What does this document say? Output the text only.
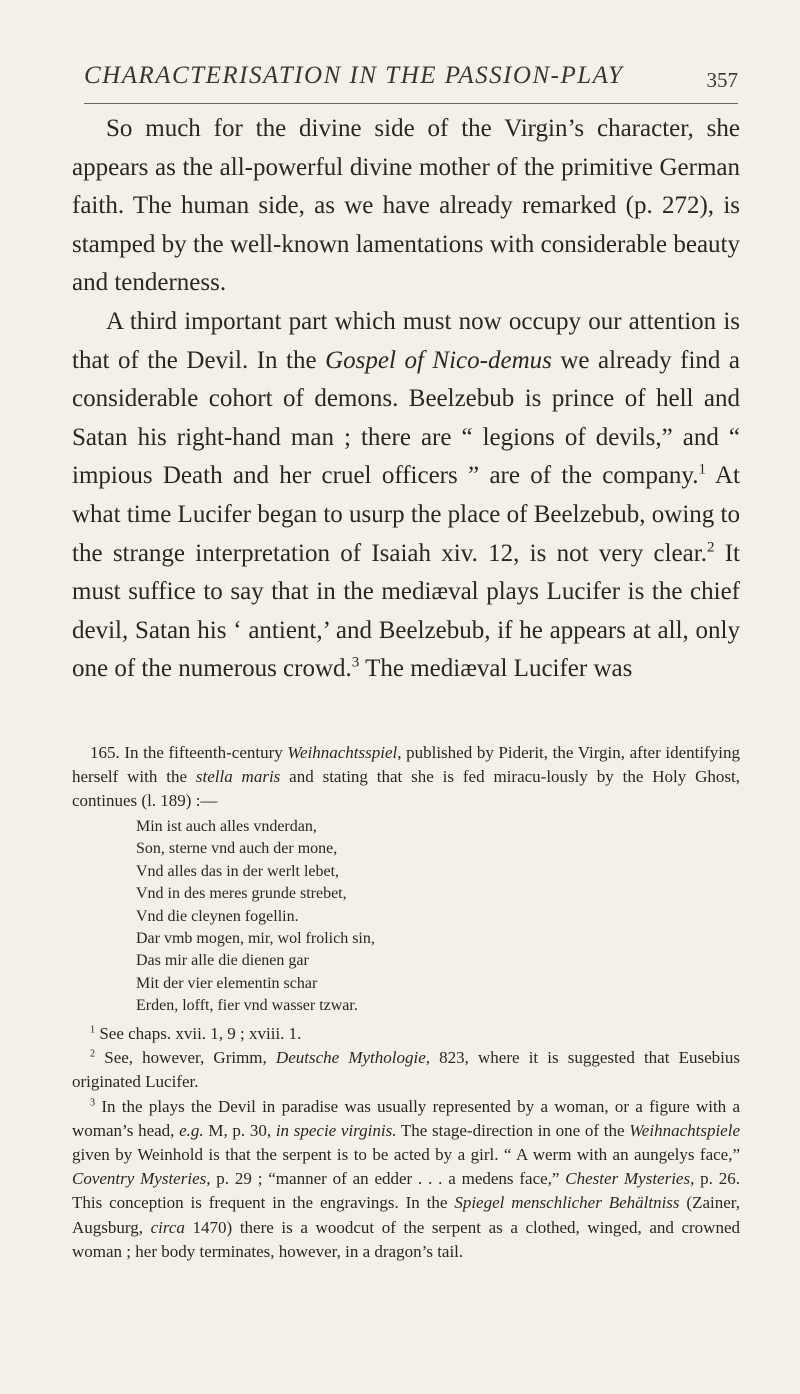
CHARACTERISATION IN THE PASSION-PLAY	357

So much for the divine side of the Virgin’s character, she appears as the all-powerful divine mother of the primitive German faith. The human side, as we have already remarked (p. 272), is stamped by the well-known lamentations with considerable beauty and tenderness.

A third important part which must now occupy our attention is that of the Devil. In the Gospel of Nico-demus we already find a considerable cohort of demons. Beelzebub is prince of hell and Satan his right-hand man ; there are “ legions of devils,” and “ impious Death and her cruel officers ” are of the company.$^1$ At what time Lucifer began to usurp the place of Beelzebub, owing to the strange interpretation of Isaiah xiv. 12, is not very clear.$^2$ It must suffice to say that in the mediæval plays Lucifer is the chief devil, Satan his ‘ antient,’ and Beelzebub, if he appears at all, only one of the numerous crowd.$^3$ The mediæval Lucifer was

165. In the fifteenth-century Weihnachtsspiel, published by Piderit, the Virgin, after identifying herself with the stella maris and stating that she is fed miracu-lously by the Holy Ghost, continues (l. 189) :—

Min ist auch alles vnderdan,
Son, sterne vnd auch der mone,
Vnd alles das in der werlt lebet,
Vnd in des meres grunde strebet,
Vnd die cleynen fogellin.
Dar vmb mogen, mir, wol frolich sin,
Das mir alle die dienen gar
Mit der vier elementin schar
Erden, lofft, fier vnd wasser tzwar.

$^1$ See chaps. xvii. 1, 9 ; xviii. 1.

$^2$ See, however, Grimm, Deutsche Mythologie, 823, where it is suggested that Eusebius originated Lucifer.

$^3$ In the plays the Devil in paradise was usually represented by a woman, or a figure with a woman’s head, e.g. M, p. 30, in specie virginis. The stage-direction in one of the Weihnachtspiele given by Weinhold is that the serpent is to be acted by a girl. “ A werm with an aungelys face,” Coventry Mysteries, p. 29 ; “manner of an edder . . . a medens face,” Chester Mysteries, p. 26. This conception is frequent in the engravings. In the Spiegel menschlicher Behältniss (Zainer, Augsburg, circa 1470) there is a woodcut of the serpent as a clothed, winged, and crowned woman ; her body terminates, however, in a dragon’s tail.
